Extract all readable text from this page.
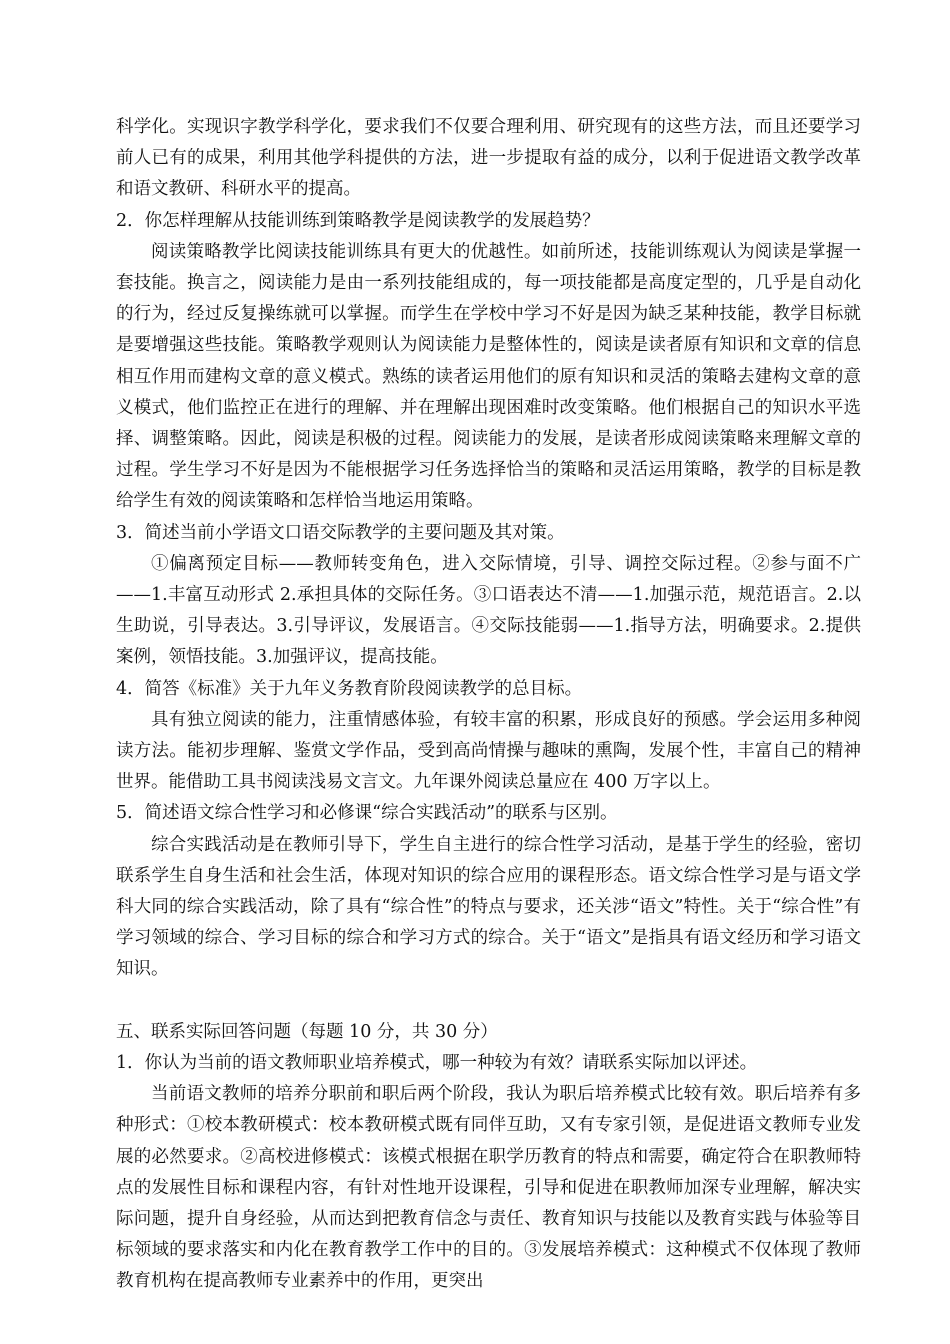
科学化。实现识字教学科学化，要求我们不仅要合理利用、研究现有的这些方法，而且还要学习前人已有的成果，利用其他学科提供的方法，进一步提取有益的成分，以利于促进语文教学改革和语文教研、科研水平的提高。

2．你怎样理解从技能训练到策略教学是阅读教学的发展趋势？

阅读策略教学比阅读技能训练具有更大的优越性。如前所述，技能训练观认为阅读是掌握一套技能。换言之，阅读能力是由一系列技能组成的，每一项技能都是高度定型的，几乎是自动化的行为，经过反复操练就可以掌握。而学生在学校中学习不好是因为缺乏某种技能，教学目标就是要增强这些技能。策略教学观则认为阅读能力是整体性的，阅读是读者原有知识和文章的信息相互作用而建构文章的意义模式。熟练的读者运用他们的原有知识和灵活的策略去建构文章的意义模式，他们监控正在进行的理解、并在理解出现困难时改变策略。他们根据自己的知识水平选择、调整策略。因此，阅读是积极的过程。阅读能力的发展，是读者形成阅读策略来理解文章的过程。学生学习不好是因为不能根据学习任务选择恰当的策略和灵活运用策略，教学的目标是教给学生有效的阅读策略和怎样恰当地运用策略。

3．简述当前小学语文口语交际教学的主要问题及其对策。

①偏离预定目标——教师转变角色，进入交际情境，引导、调控交际过程。②参与面不广——1.丰富互动形式 2.承担具体的交际任务。③口语表达不清——1.加强示范，规范语言。2.以生助说，引导表达。3.引导评议，发展语言。④交际技能弱——1.指导方法，明确要求。2.提供案例，领悟技能。3.加强评议，提高技能。

4．简答《标准》关于九年义务教育阶段阅读教学的总目标。

具有独立阅读的能力，注重情感体验，有较丰富的积累，形成良好的预感。学会运用多种阅读方法。能初步理解、鉴赏文学作品，受到高尚情操与趣味的熏陶，发展个性，丰富自己的精神世界。能借助工具书阅读浅易文言文。九年课外阅读总量应在 400 万字以上。

5．简述语文综合性学习和必修课“综合实践活动”的联系与区别。

综合实践活动是在教师引导下，学生自主进行的综合性学习活动，是基于学生的经验，密切联系学生自身生活和社会生活，体现对知识的综合应用的课程形态。语文综合性学习是与语文学科大同的综合实践活动，除了具有“综合性”的特点与要求，还关涉“语文”特性。关于“综合性”有学习领域的综合、学习目标的综合和学习方式的综合。关于“语文”是指具有语文经历和学习语文知识。

五、联系实际回答问题（每题 10 分，共 30 分）

1．你认为当前的语文教师职业培养模式，哪一种较为有效？请联系实际加以评述。

当前语文教师的培养分职前和职后两个阶段，我认为职后培养模式比较有效。职后培养有多种形式：①校本教研模式：校本教研模式既有同伴互助，又有专家引领，是促进语文教师专业发展的必然要求。②高校进修模式：该模式根据在职学历教育的特点和需要，确定符合在职教师特点的发展性目标和课程内容，有针对性地开设课程，引导和促进在职教师加深专业理解，解决实际问题，提升自身经验，从而达到把教育信念与责任、教育知识与技能以及教育实践与体验等目标领域的要求落实和内化在教育教学工作中的目的。③发展培养模式：这种模式不仅体现了教师教育机构在提高教师专业素养中的作用，更突出
